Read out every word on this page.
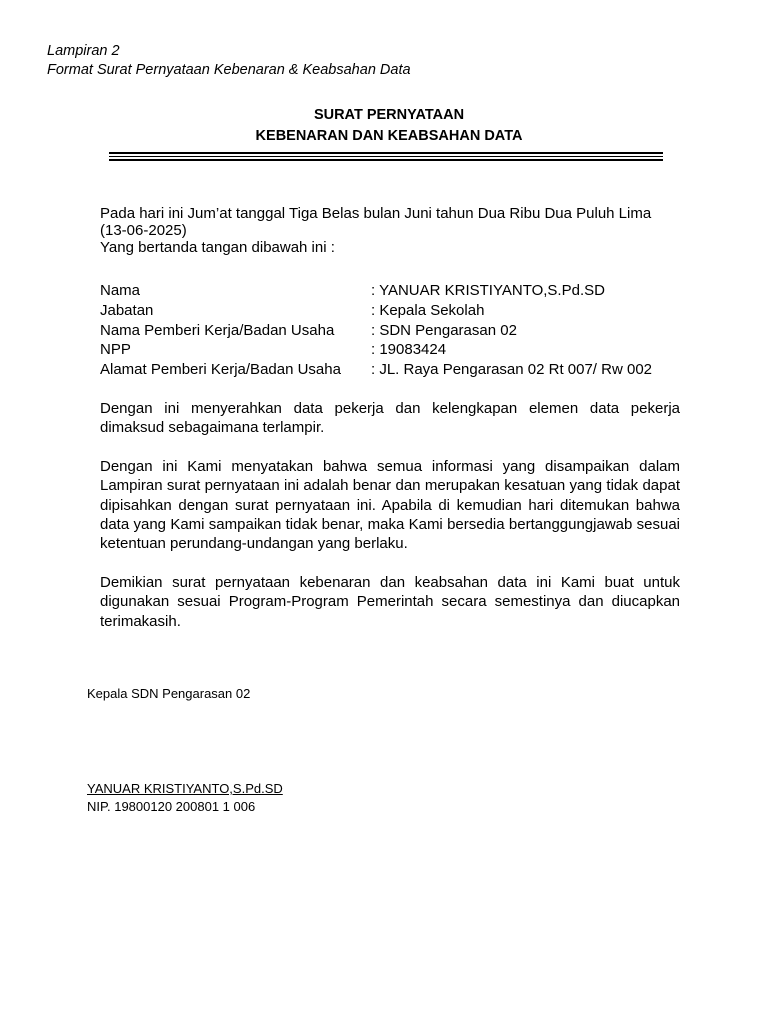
Lampiran 2
Format Surat Pernyataan Kebenaran & Keabsahan Data
SURAT PERNYATAAN
KEBENARAN DAN KEABSAHAN DATA
Pada hari ini Jum’at tanggal Tiga Belas bulan Juni tahun Dua Ribu Dua Puluh Lima
(13-06-2025)
Yang bertanda tangan dibawah ini :
Nama	: YANUAR KRISTIYANTO,S.Pd.SD
Jabatan	: Kepala Sekolah
Nama Pemberi Kerja/Badan Usaha : SDN Pengarasan 02
NPP	: 19083424
Alamat Pemberi Kerja/Badan Usaha : JL. Raya Pengarasan 02 Rt 007/ Rw 002
Dengan ini menyerahkan data pekerja dan kelengkapan elemen data pekerja dimaksud sebagaimana terlampir.
Dengan ini Kami menyatakan bahwa semua informasi yang disampaikan dalam Lampiran surat pernyataan ini adalah benar dan merupakan kesatuan yang tidak dapat dipisahkan dengan surat pernyataan ini. Apabila di kemudian hari ditemukan bahwa data yang Kami sampaikan tidak benar, maka Kami bersedia bertanggungjawab sesuai ketentuan perundang-undangan yang berlaku.
Demikian surat pernyataan kebenaran dan keabsahan data ini Kami buat untuk digunakan sesuai Program-Program Pemerintah secara semestinya dan diucapkan terimakasih.
Kepala SDN Pengarasan 02
YANUAR KRISTIYANTO,S.Pd.SD
NIP. 19800120 200801 1 006
